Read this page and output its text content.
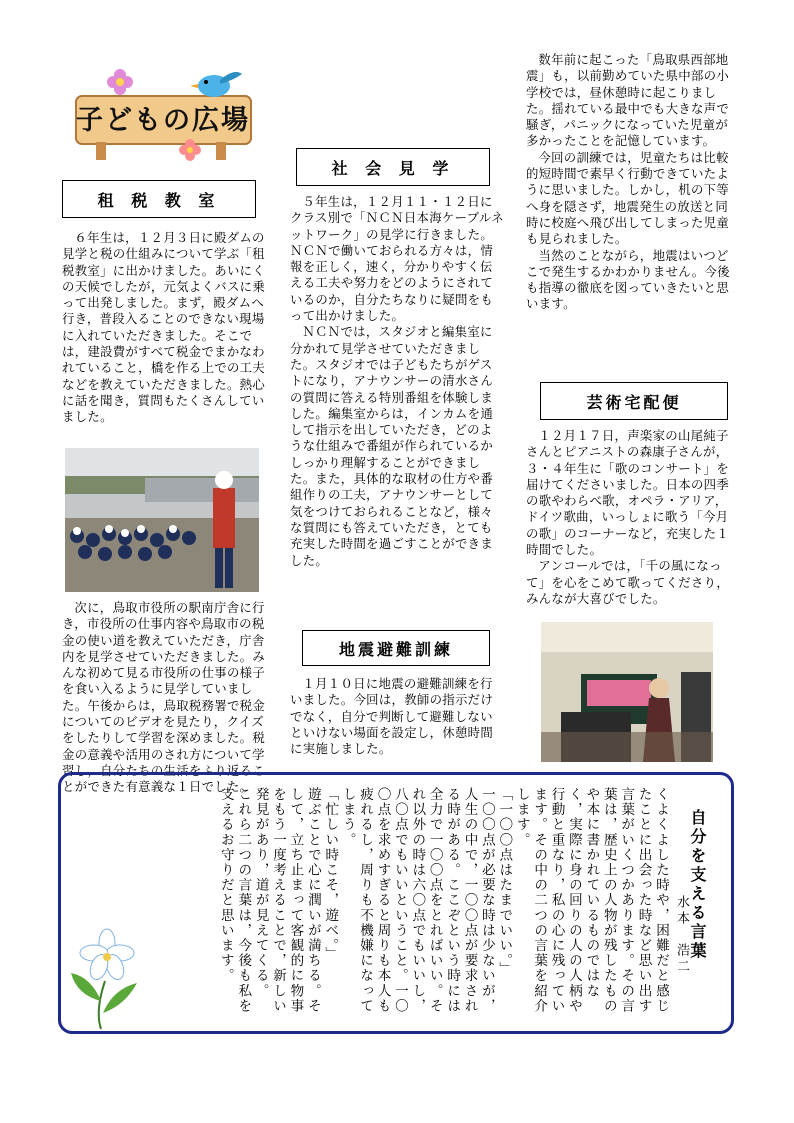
子どもの広場
租 税 教 室

６年生は，１２月３日に殿ダムの見学と税の仕組みについて学ぶ「租税教室」に出かけました。あいにくの天候でしたが，元気よくバスに乗って出発しました。まず，殿ダムへ行き，普段入ることのできない現場に入れていただきました。そこでは，建設費がすべて税金でまかなわれていること，橋を作る上での工夫などを教えていただきました。熱心に話を聞き，質問もたくさんしていました。

次に，鳥取市役所の駅南庁舎に行き，市役所の仕事内容や鳥取市の税金の使い道を教えていただき，庁舎内を見学させていただきました。みんな初めて見る市役所の仕事の様子を食い入るように見学していました。午後からは，鳥取税務署で税金についてのビデオを見たり，クイズをしたりして学習を深めました。税金の意義や活用のされ方について学習し，自分たちの生活をふり返ることができた有意義な１日でした。

社 会 見 学

５年生は，１２月１１・１２日にクラス別で「ＮＣＮ日本海ケーブルネットワーク」の見学に行きました。ＮＣＮで働いておられる方々は，情報を正しく，速く，分かりやすく伝える工夫や努力をどのようにされているのか，自分たちなりに疑問をもって出かけました。

ＮＣＮでは，スタジオと編集室に分かれて見学させていただきました。スタジオでは子どもたちがゲストになり，アナウンサーの清水さんの質問に答える特別番組を体験しました。編集室からは，インカムを通して指示を出していただき，どのような仕組みで番組が作られているかしっかり理解することができました。また，具体的な取材の仕方や番組作りの工夫，アナウンサーとして気をつけておられることなど，様々な質問にも答えていただき，とても充実した時間を過ごすことができました。

地震避難訓練

１月１０日に地震の避難訓練を行いました。今回は，教師の指示だけでなく，自分で判断して避難しないといけない場面を設定し，休憩時間に実施しました。

数年前に起こった「鳥取県西部地震」も，以前勤めていた県中部の小学校では，昼休憩時に起こりました。揺れている最中でも大きな声で騒ぎ，パニックになっていた児童が多かったことを記憶しています。

今回の訓練では，児童たちは比較的短時間で素早く行動できていたように思いました。しかし，机の下等へ身を隠さず，地震発生の放送と同時に校庭へ飛び出してしまった児童も見られました。

当然のことながら，地震はいつどこで発生するかわかりません。今後も指導の徹底を図っていきたいと思います。

芸術宅配便

１２月１７日，声楽家の山尾純子さんとピアニストの森康子さんが，３・４年生に「歌のコンサート」を届けてくださいました。日本の四季の歌やわらべ歌，オペラ・アリア，ドイツ歌曲，いっしょに歌う「今月の歌」のコーナーなど，充実した１時間でした。

アンコールでは，「千の風になって」を心をこめて歌ってくださり，みんなが大喜びでした。

自分を支える言葉
水本　浩二
くよくよした時や，困難だと感じたことに出会った時など思い出す言葉がいくつかあります。その言葉は，歴史上の人物が残したものや本に書かれているものではなく，実際に身の回りの人の人柄や行動と重なり，私の心に残っています。その中の二つの言葉を紹介します。
「一〇〇点はたまでいい。」
一〇〇点が必要な時は少ないが，人生の中で，一〇〇点が要求される時がある。ここぞという時には全力で一〇〇点をとればいい。それ以外の時は六〇点でもいいし，八〇点でもいいということ。一〇〇点を求めすぎると周りも本人も疲れるし，周りも不機嫌になってしまう。
「忙しい時こそ，遊べ。」
遊ぶことで心に潤いが満ちる。そして，立ち止まって客観的に物事をもう一度考えることで，新しい発見があり，道が見えてくる。
これら二つの言葉は，今後も私を支えるお守りだと思います。
